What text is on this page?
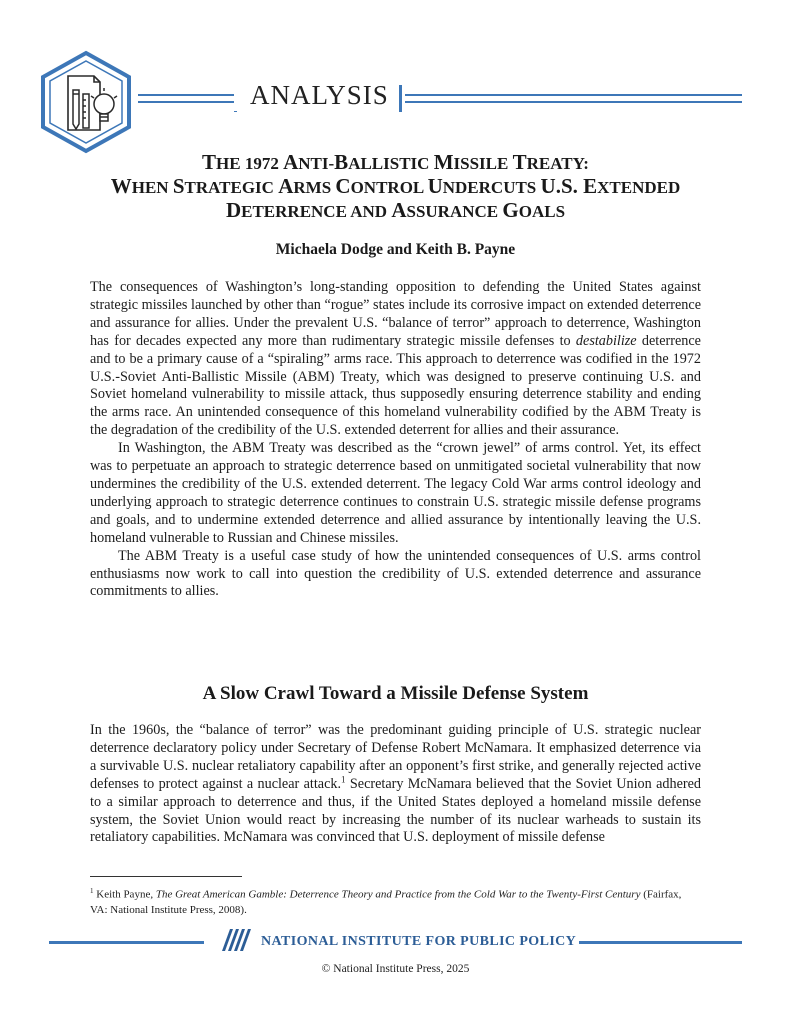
ANALYSIS
THE 1972 ANTI-BALLISTIC MISSILE TREATY:
WHEN STRATEGIC ARMS CONTROL UNDERCUTS U.S. EXTENDED
DETERRENCE AND ASSURANCE GOALS
Michaela Dodge and Keith B. Payne

The consequences of Washington’s long-standing opposition to defending the United States against strategic missiles launched by other than “rogue” states include its corrosive impact on extended deterrence and assurance for allies. Under the prevalent U.S. “balance of terror” approach to deterrence, Washington has for decades expected any more than rudimentary strategic missile defenses to destabilize deterrence and to be a primary cause of a “spiraling” arms race. This approach to deterrence was codified in the 1972 U.S.-Soviet Anti-Ballistic Missile (ABM) Treaty, which was designed to preserve continuing U.S. and Soviet homeland vulnerability to missile attack, thus supposedly ensuring deterrence stability and ending the arms race. An unintended consequence of this homeland vulnerability codified by the ABM Treaty is the degradation of the credibility of the U.S. extended deterrent for allies and their assurance.

In Washington, the ABM Treaty was described as the “crown jewel” of arms control. Yet, its effect was to perpetuate an approach to strategic deterrence based on unmitigated societal vulnerability that now undermines the credibility of the U.S. extended deterrent. The legacy Cold War arms control ideology and underlying approach to strategic deterrence continues to constrain U.S. strategic missile defense programs and goals, and to undermine extended deterrence and allied assurance by intentionally leaving the U.S. homeland vulnerable to Russian and Chinese missiles.

The ABM Treaty is a useful case study of how the unintended consequences of U.S. arms control enthusiasms now work to call into question the credibility of U.S. extended deterrence and assurance commitments to allies.

A Slow Crawl Toward a Missile Defense System

In the 1960s, the “balance of terror” was the predominant guiding principle of U.S. strategic nuclear deterrence declaratory policy under Secretary of Defense Robert McNamara. It emphasized deterrence via a survivable U.S. nuclear retaliatory capability after an opponent’s first strike, and generally rejected active defenses to protect against a nuclear attack.$^1$ Secretary McNamara believed that the Soviet Union adhered to a similar approach to deterrence and thus, if the United States deployed a homeland missile defense system, the Soviet Union would react by increasing the number of its nuclear warheads to sustain its retaliatory capabilities. McNamara was convinced that U.S. deployment of missile defense

$^1$ Keith Payne, The Great American Gamble: Deterrence Theory and Practice from the Cold War to the Twenty-First Century (Fairfax, VA: National Institute Press, 2008).
NATIONAL INSTITUTE FOR PUBLIC POLICY
© National Institute Press, 2025
